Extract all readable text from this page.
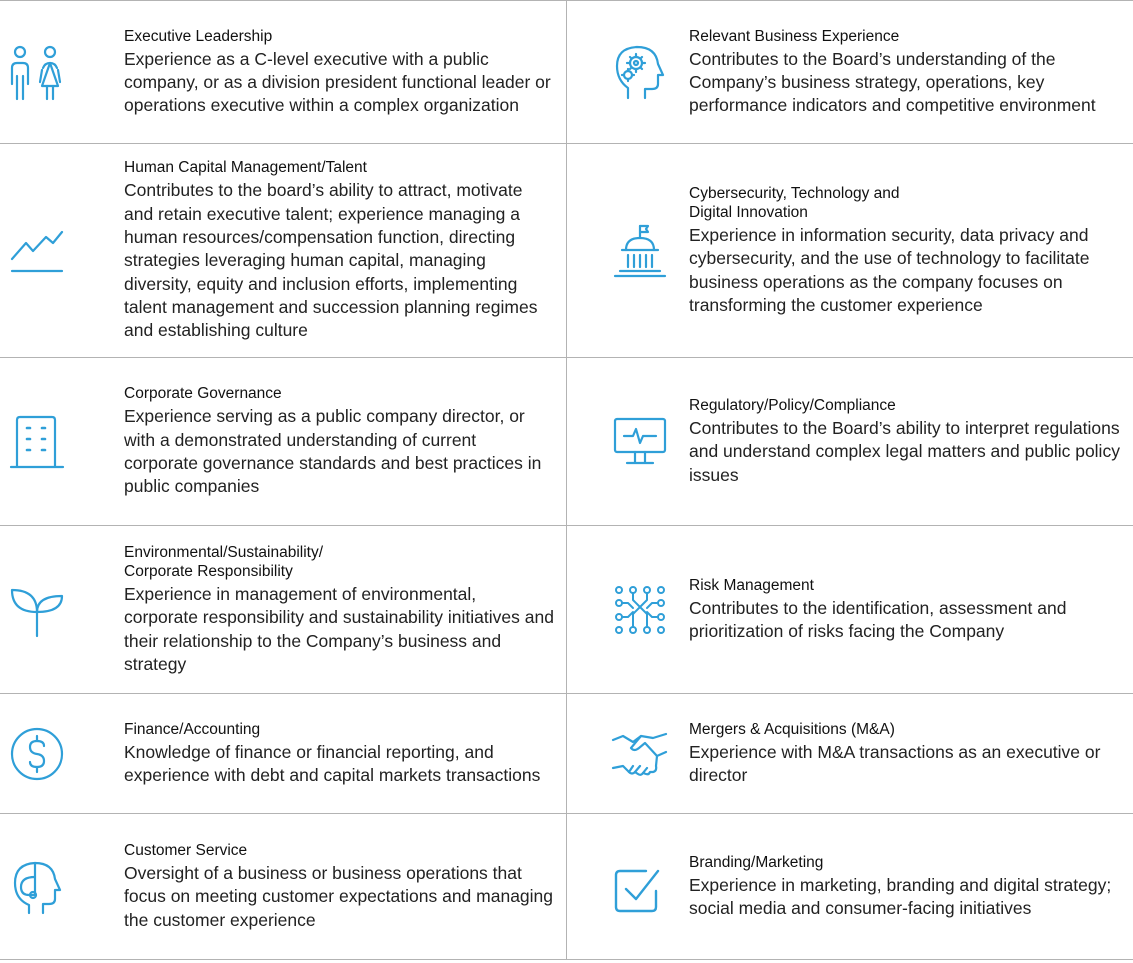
Executive Leadership
Experience as a C-level executive with a public company, or as a division president functional leader or operations executive within a complex organization
Relevant Business Experience
Contributes to the Board’s understanding of the Company’s business strategy, operations, key performance indicators and competitive environment
Human Capital Management/Talent
Contributes to the board’s ability to attract, motivate and retain executive talent; experience managing a human resources/compensation function, directing strategies leveraging human capital, managing diversity, equity and inclusion efforts, implementing talent management and succession planning regimes and establishing culture
Cybersecurity, Technology and
Digital Innovation
Experience in information security, data privacy and cybersecurity, and the use of technology to facilitate business operations as the company focuses on transforming the customer experience
Corporate Governance
Experience serving as a public company director, or with a demonstrated understanding of current corporate governance standards and best practices in public companies
Regulatory/Policy/Compliance
Contributes to the Board’s ability to interpret regulations and understand complex legal matters and public policy issues
Environmental/Sustainability/
Corporate Responsibility
Experience in management of environmental, corporate responsibility and sustainability initiatives and their relationship to the Company’s business and strategy
Risk Management
Contributes to the identification, assessment and prioritization of risks facing the Company
Finance/Accounting
Knowledge of finance or financial reporting, and experience with debt and capital markets transactions
Mergers & Acquisitions (M&A)
Experience with M&A transactions as an executive or director
Customer Service
Oversight of a business or business operations that focus on meeting customer expectations and managing the customer experience
Branding/Marketing
Experience in marketing, branding and digital strategy; social media and consumer-facing initiatives
